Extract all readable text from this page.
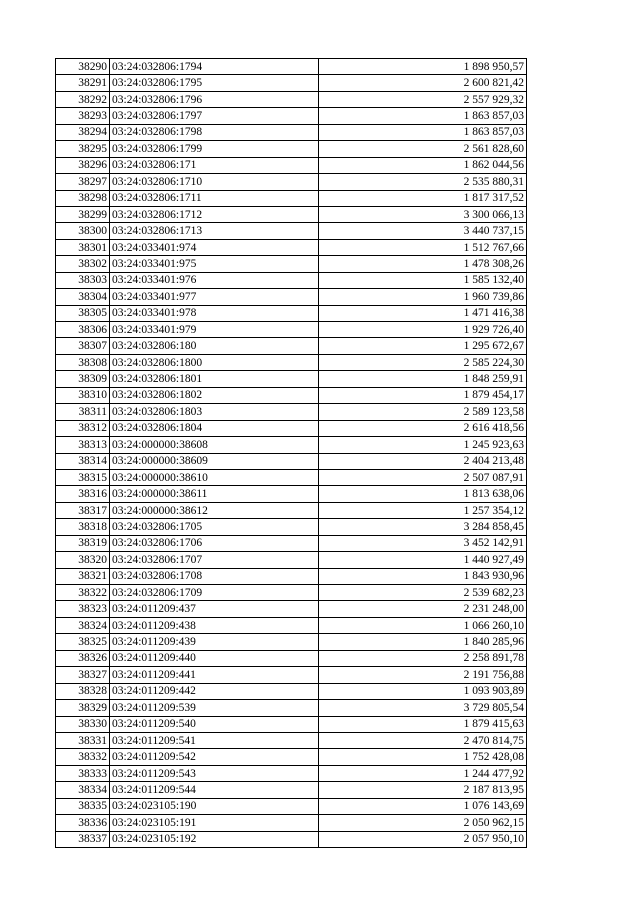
38290	03:24:032806:1794	1 898 950,57
38291	03:24:032806:1795	2 600 821,42
38292	03:24:032806:1796	2 557 929,32
38293	03:24:032806:1797	1 863 857,03
38294	03:24:032806:1798	1 863 857,03
38295	03:24:032806:1799	2 561 828,60
38296	03:24:032806:171	1 862 044,56
38297	03:24:032806:1710	2 535 880,31
38298	03:24:032806:1711	1 817 317,52
38299	03:24:032806:1712	3 300 066,13
38300	03:24:032806:1713	3 440 737,15
38301	03:24:033401:974	1 512 767,66
38302	03:24:033401:975	1 478 308,26
38303	03:24:033401:976	1 585 132,40
38304	03:24:033401:977	1 960 739,86
38305	03:24:033401:978	1 471 416,38
38306	03:24:033401:979	1 929 726,40
38307	03:24:032806:180	1 295 672,67
38308	03:24:032806:1800	2 585 224,30
38309	03:24:032806:1801	1 848 259,91
38310	03:24:032806:1802	1 879 454,17
38311	03:24:032806:1803	2 589 123,58
38312	03:24:032806:1804	2 616 418,56
38313	03:24:000000:38608	1 245 923,63
38314	03:24:000000:38609	2 404 213,48
38315	03:24:000000:38610	2 507 087,91
38316	03:24:000000:38611	1 813 638,06
38317	03:24:000000:38612	1 257 354,12
38318	03:24:032806:1705	3 284 858,45
38319	03:24:032806:1706	3 452 142,91
38320	03:24:032806:1707	1 440 927,49
38321	03:24:032806:1708	1 843 930,96
38322	03:24:032806:1709	2 539 682,23
38323	03:24:011209:437	2 231 248,00
38324	03:24:011209:438	1 066 260,10
38325	03:24:011209:439	1 840 285,96
38326	03:24:011209:440	2 258 891,78
38327	03:24:011209:441	2 191 756,88
38328	03:24:011209:442	1 093 903,89
38329	03:24:011209:539	3 729 805,54
38330	03:24:011209:540	1 879 415,63
38331	03:24:011209:541	2 470 814,75
38332	03:24:011209:542	1 752 428,08
38333	03:24:011209:543	1 244 477,92
38334	03:24:011209:544	2 187 813,95
38335	03:24:023105:190	1 076 143,69
38336	03:24:023105:191	2 050 962,15
38337	03:24:023105:192	2 057 950,10
